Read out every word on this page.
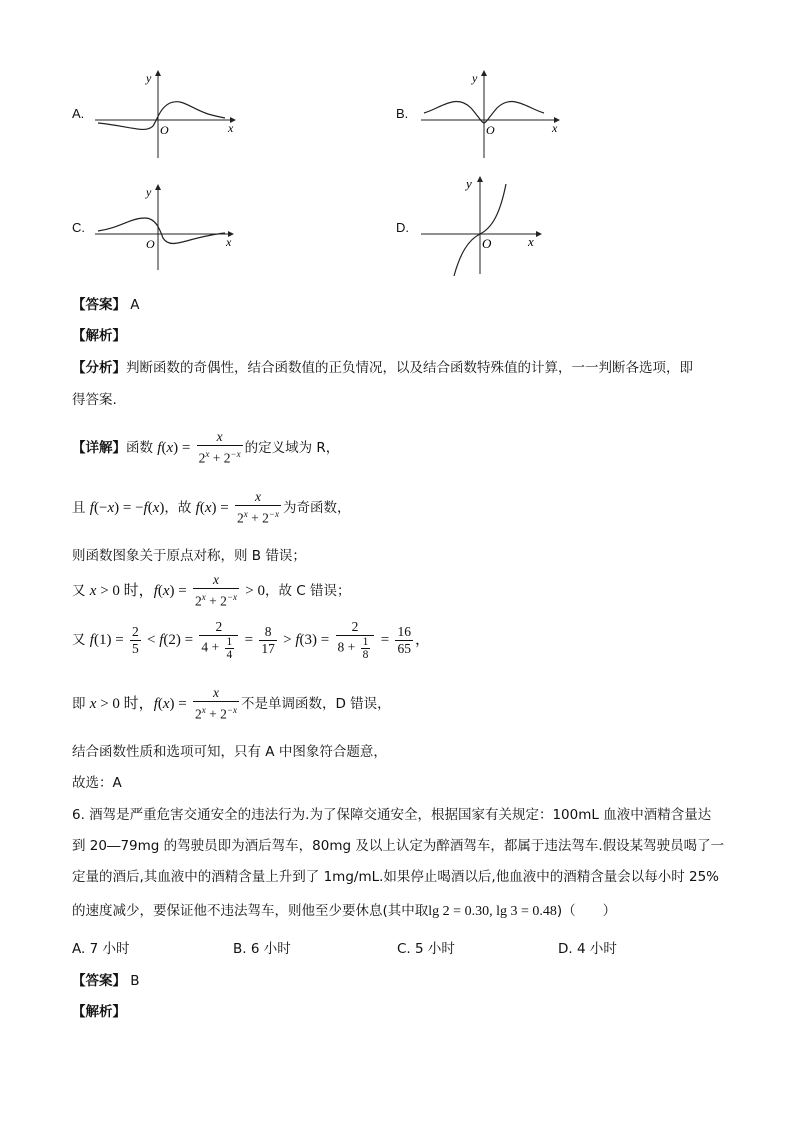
A.
x
y
O
B.
x
y
O
C.
x
y
O
D.
x
y
O
【答案】 A
【解析】
【分析】判断函数的奇偶性，结合函数值的正负情况，以及结合函数特殊值的计算，一一判断各选项，即
得答案.
【详解】函数 $f(x) = \frac{x}{2^x + 2^{-x}}$ 的定义域为 R，
且 f(−x) = −f(x)，故 $f(x) = \frac{x}{2^x + 2^{-x}}$ 为奇函数，
则函数图象关于原点对称，则 B 错误；
又 x > 0 时，$f(x) = \frac{x}{2^x + 2^{-x}} > 0$，故 C 错误；
又 $f(1) = \frac{2}{5} < f(2) = \frac{2}{4 + \frac{1}{4}} = \frac{8}{17} > f(3) = \frac{2}{8 + \frac{1}{8}} = \frac{16}{65}$ ，
即 x > 0 时，$f(x) = \frac{x}{2^x + 2^{-x}}$ 不是单调函数，D 错误，
结合函数性质和选项可知，只有 A 中图象符合题意，
故选：A
6. 酒驾是严重危害交通安全的违法行为.为了保障交通安全，根据国家有关规定：100mL 血液中酒精含量达
到 20―79mg 的驾驶员即为酒后驾车，80mg 及以上认定为醉酒驾车，都属于违法驾车.假设某驾驶员喝了一
定量的酒后,其血液中的酒精含量上升到了 1mg/mL.如果停止喝酒以后,他血液中的酒精含量会以每小时 25%
的速度减少，要保证他不违法驾车，则他至少要休息(其中取lg 2 = 0.30, lg 3 = 0.48)（　　）
A. 7 小时	B. 6 小时	C. 5 小时	D. 4 小时
【答案】 B
【解析】
